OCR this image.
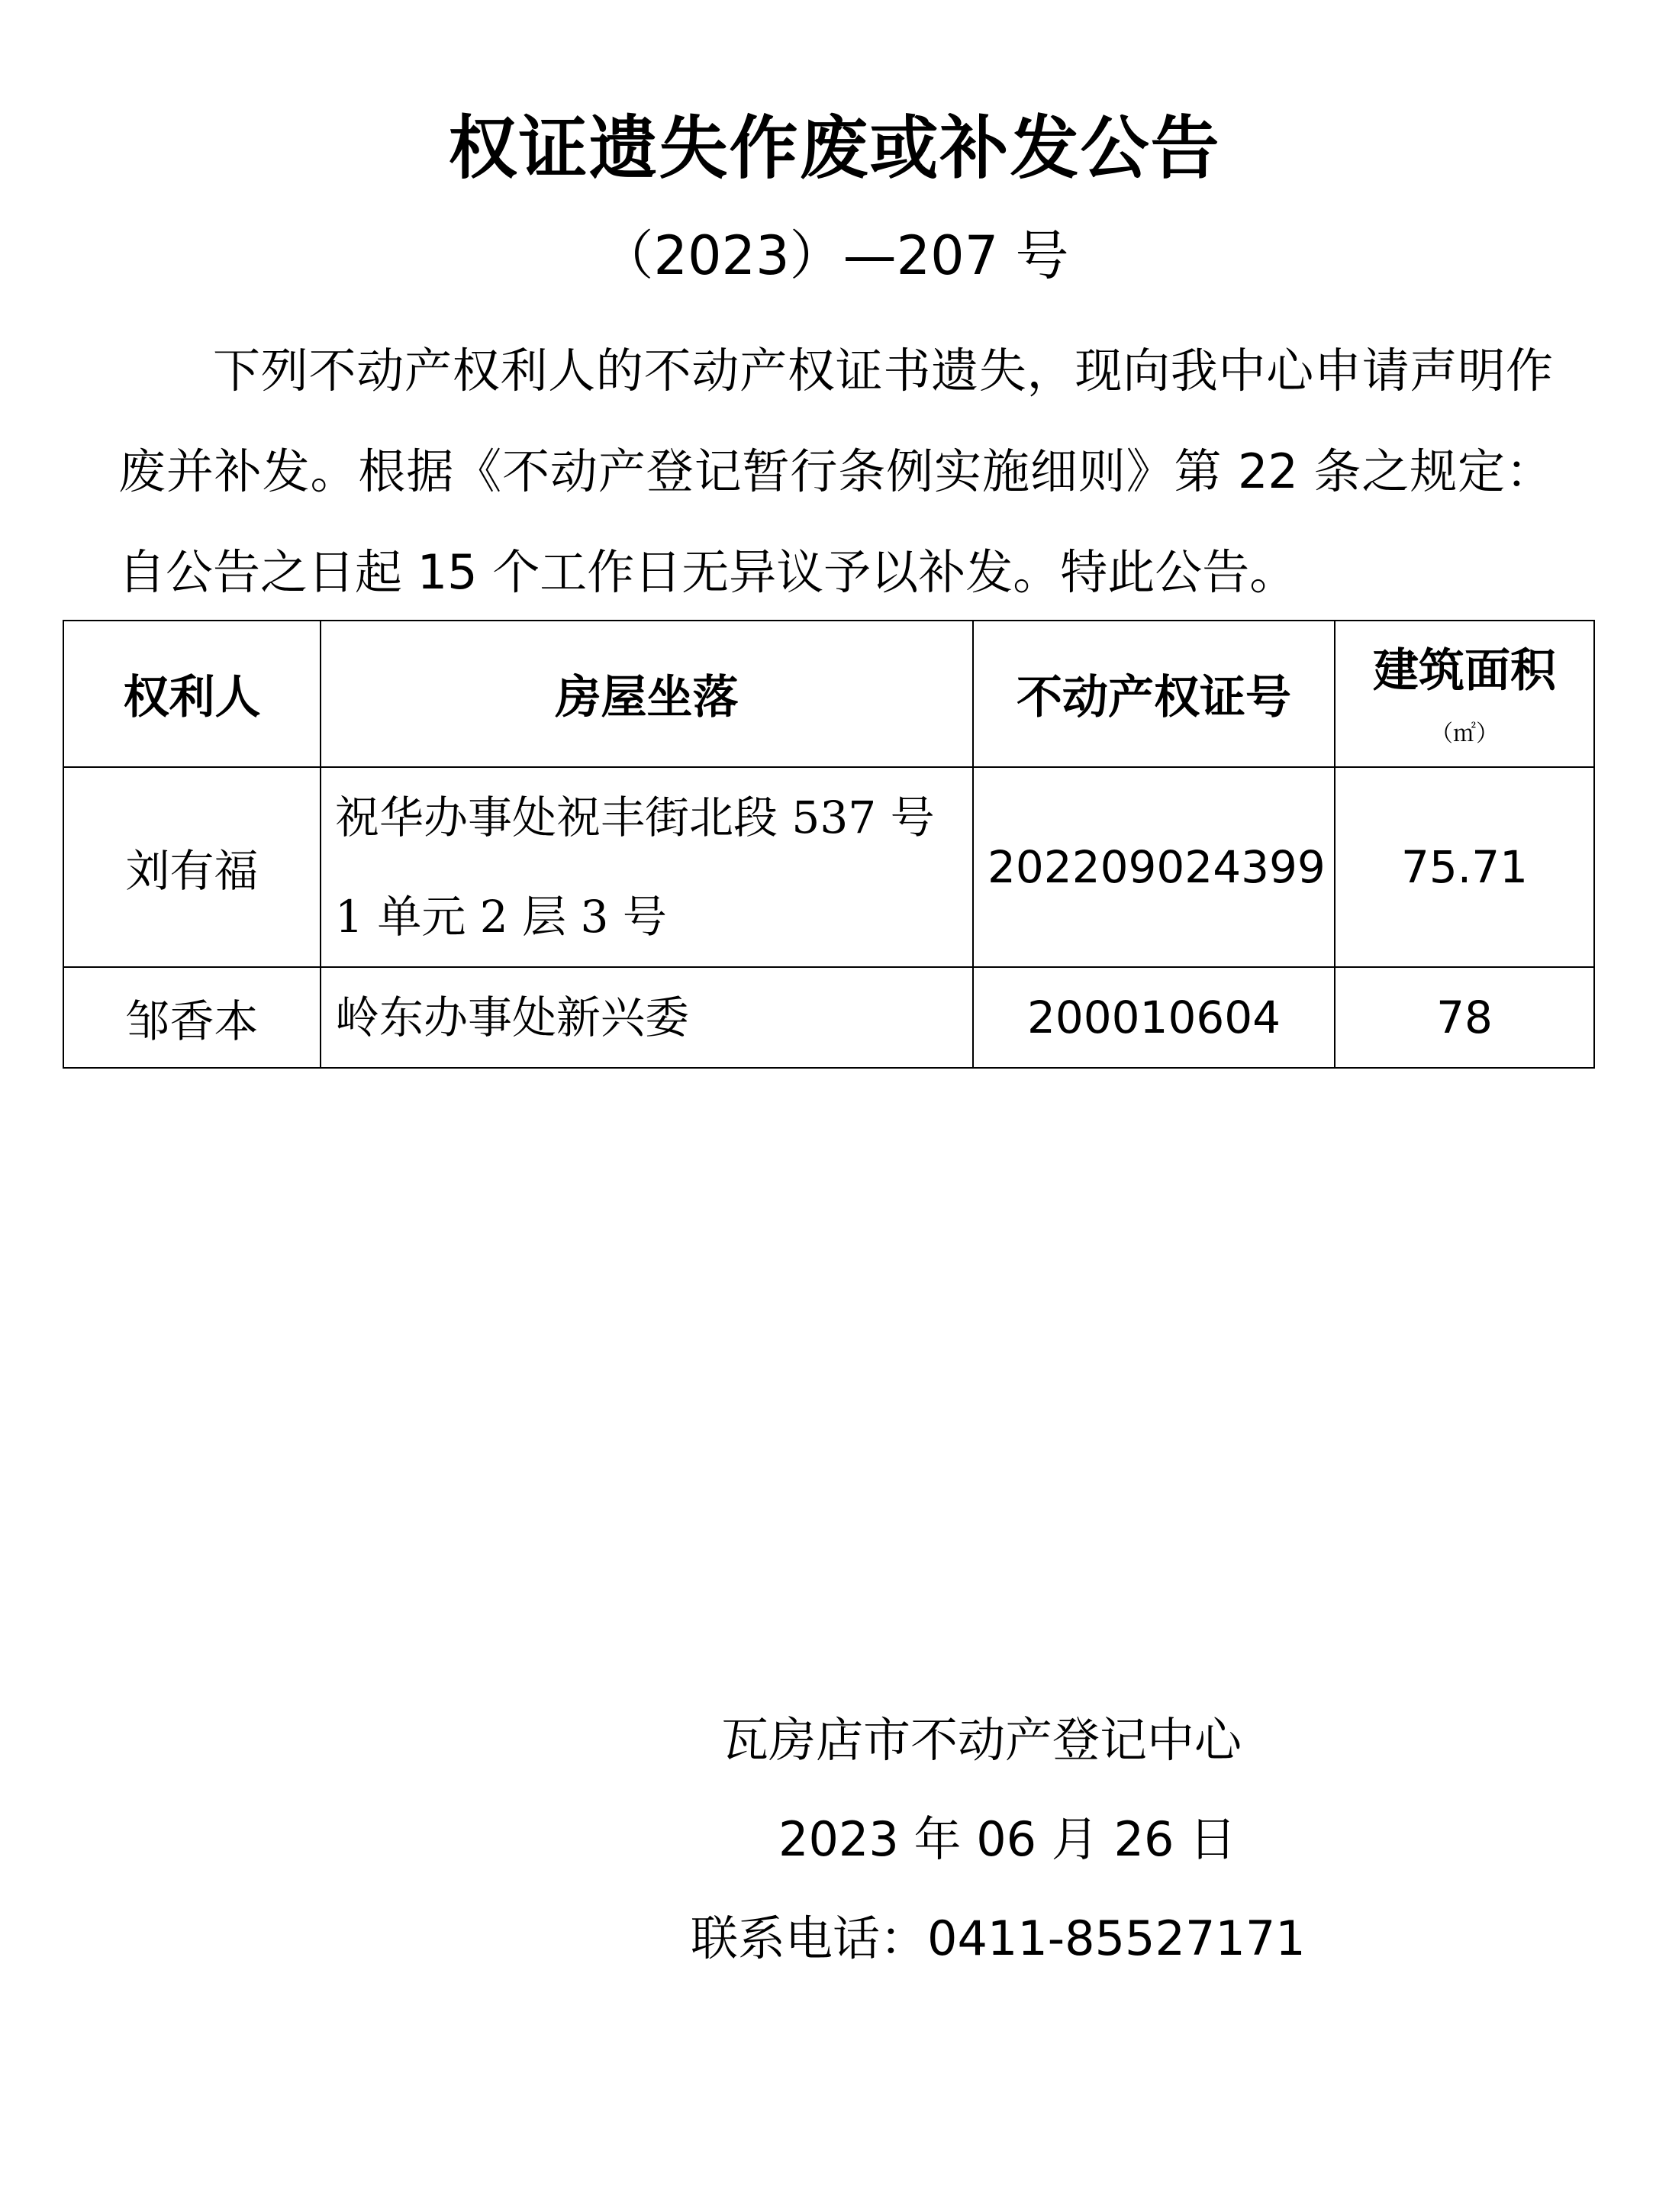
权证遗失作废或补发公告
（2023）—207 号
下列不动产权利人的不动产权证书遗失，现向我中心申请声明作废并补发。根据《不动产登记暂行条例实施细则》第 22 条之规定：自公告之日起 15 个工作日无异议予以补发。特此公告。
权利人	房屋坐落	不动产权证号	建筑面积
（㎡）

刘有福	祝华办事处祝丰街北段 537 号 1 单元 2 层 3 号	202209024399	75.71
邹香本	岭东办事处新兴委	200010604	78
瓦房店市不动产登记中心
2023 年 06 月 26 日
联系电话：0411-85527171
